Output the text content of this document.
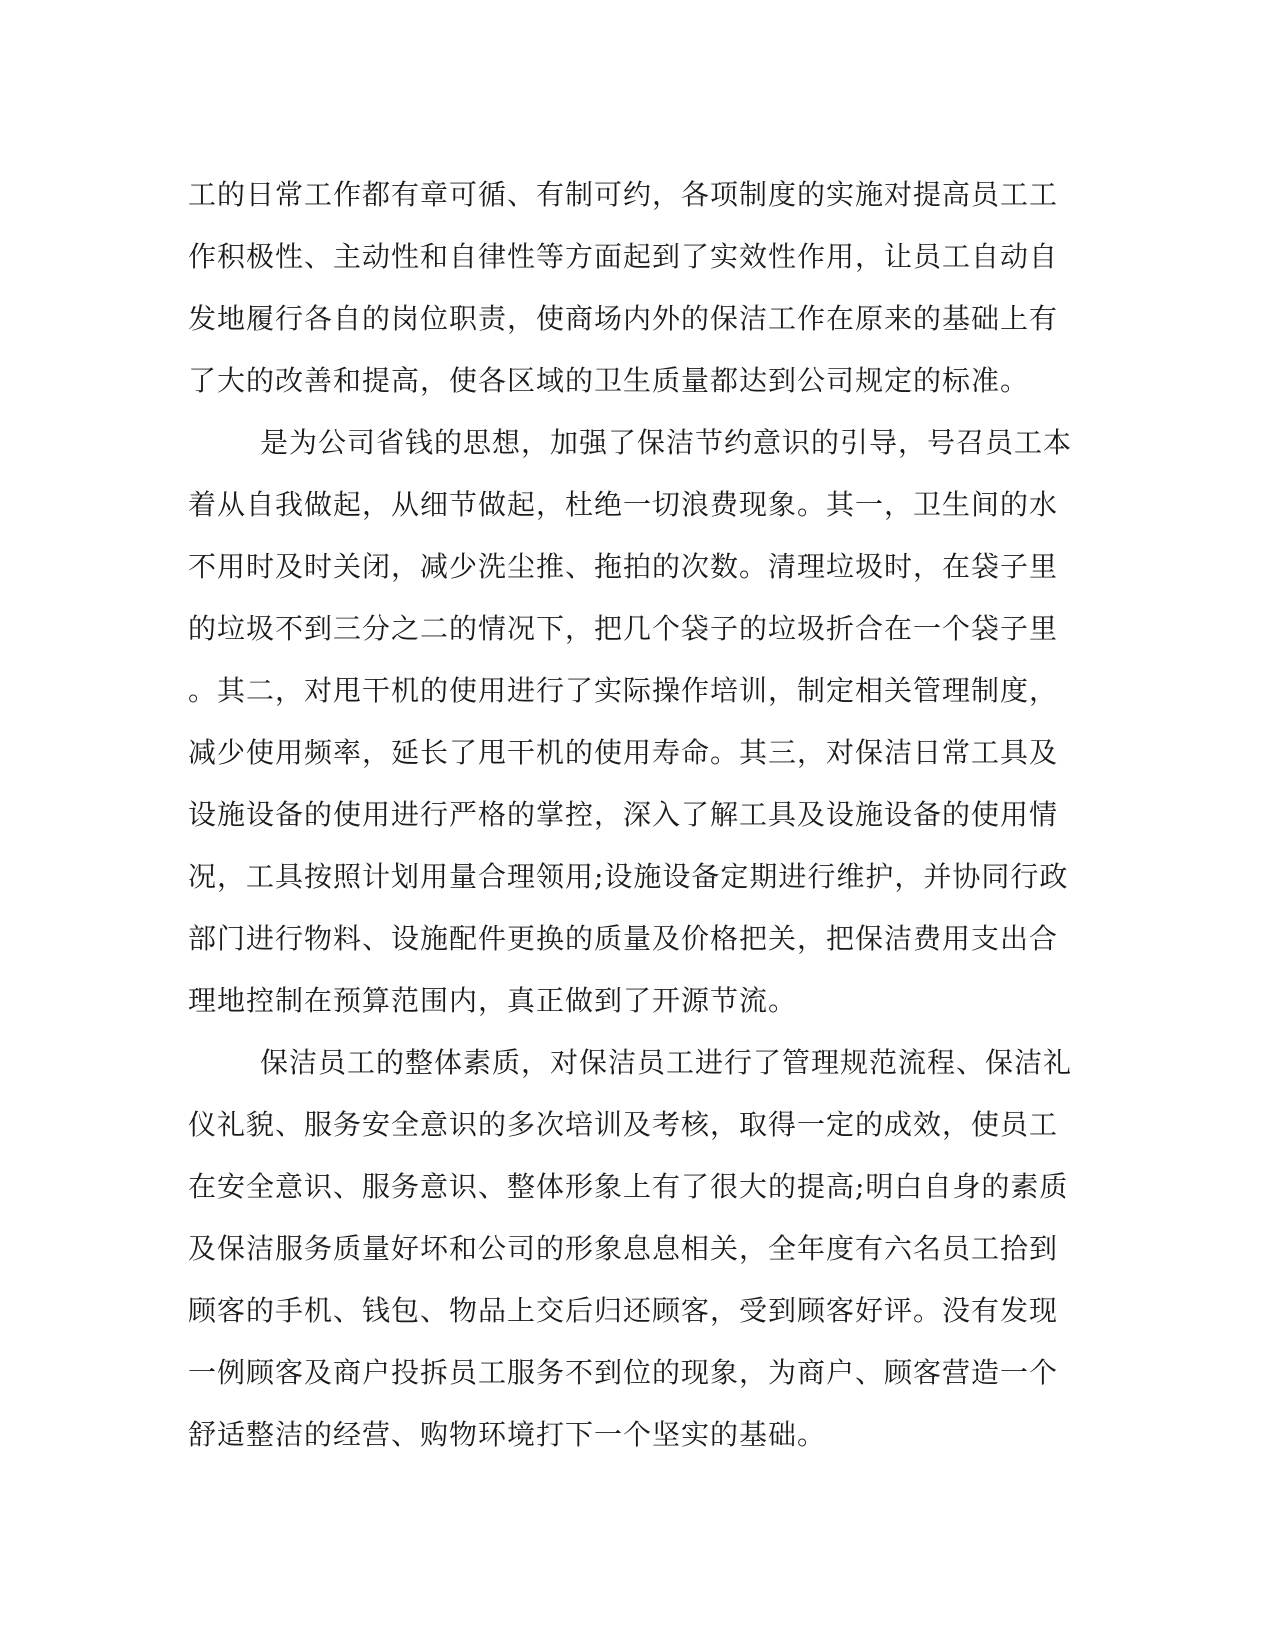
工的日常工作都有章可循、有制可约，各项制度的实施对提高员工工
作积极性、主动性和自律性等方面起到了实效性作用，让员工自动自
发地履行各自的岗位职责，使商场内外的保洁工作在原来的基础上有
了大的改善和提高，使各区域的卫生质量都达到公司规定的标准。
是为公司省钱的思想，加强了保洁节约意识的引导，号召员工本
着从自我做起，从细节做起，杜绝一切浪费现象。其一，卫生间的水
不用时及时关闭，减少洗尘推、拖拍的次数。清理垃圾时，在袋子里
的垃圾不到三分之二的情况下，把几个袋子的垃圾折合在一个袋子里
。其二，对甩干机的使用进行了实际操作培训，制定相关管理制度，
减少使用频率，延长了甩干机的使用寿命。其三，对保洁日常工具及
设施设备的使用进行严格的掌控，深入了解工具及设施设备的使用情
况，工具按照计划用量合理领用;设施设备定期进行维护，并协同行政
部门进行物料、设施配件更换的质量及价格把关，把保洁费用支出合
理地控制在预算范围内，真正做到了开源节流。
保洁员工的整体素质，对保洁员工进行了管理规范流程、保洁礼
仪礼貌、服务安全意识的多次培训及考核，取得一定的成效，使员工
在安全意识、服务意识、整体形象上有了很大的提高;明白自身的素质
及保洁服务质量好坏和公司的形象息息相关，全年度有六名员工拾到
顾客的手机、钱包、物品上交后归还顾客，受到顾客好评。没有发现
一例顾客及商户投拆员工服务不到位的现象，为商户、顾客营造一个
舒适整洁的经营、购物环境打下一个坚实的基础。
